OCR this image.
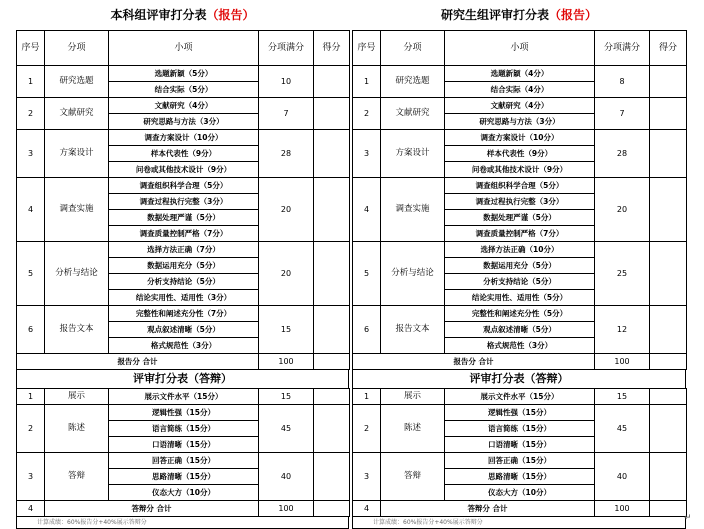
本科组评审打分表（报告）
序号	分项	小项	分项满分	得分
1	研究选题	选题新颖（5分）	10	
		结合实际（5分）		
2	文献研究	文献研究（4分）	7	
		研究思路与方法（3分）		
3	方案设计	调查方案设计（10分）	28	
		样本代表性（9分）		
		问卷或其他技术设计（9分）		
4	调查实施	调查组织科学合理（5分）	20	
		调查过程执行完整（3分）		
		数据处理严谨（5分）		
		调查质量控制严格（7分）		
5	分析与结论	选择方法正确（7分）	20	
		数据运用充分（5分）		
		分析支持结论（5分）		
		结论实用性、适用性（3分）		
6	报告文本	完整性和阐述充分性（7分）	15	
		观点叙述清晰（5分）		
		格式规范性（3分）		
报告分 合计			100	
评审打分表（答辩）
1	展示	展示文件水平（15分）	15	
2	陈述	逻辑性强（15分）	45	
		语言简练（15分）		
		口语清晰（15分）		
3	答辩	回答正确（15分）	40	
		思路清晰（15分）		
		仪态大方（10分）		
4	答辩分 合计		100	
计算成绩：60%报告分+40%展示答辩分
研究生组评审打分表（报告）
序号	分项	小项	分项满分	得分
1	研究选题	选题新颖（4分）	8	
		结合实际（4分）		
2	文献研究	文献研究（4分）	7	
		研究思路与方法（3分）		
3	方案设计	调查方案设计（10分）	28	
		样本代表性（9分）		
		问卷或其他技术设计（9分）		
4	调查实施	调查组织科学合理（5分）	20	
		调查过程执行完整（3分）		
		数据处理严谨（5分）		
		调查质量控制严格（7分）		
5	分析与结论	选择方法正确（10分）	25	
		数据运用充分（5分）		
		分析支持结论（5分）		
		结论实用性、适用性（5分）		
6	报告文本	完整性和阐述充分性（5分）	12	
		观点叙述清晰（5分）		
		格式规范性（3分）		
报告分 合计			100	
评审打分表（答辩）
1	展示	展示文件水平（15分）	15	
2	陈述	逻辑性强（15分）	45	
		语言简练（15分）		
		口语清晰（15分）		
3	答辩	回答正确（15分）	40	
		思路清晰（15分）		
		仪态大方（10分）		
4	答辩分 合计		100	
计算成绩：60%报告分+40%展示答辩分	↵
